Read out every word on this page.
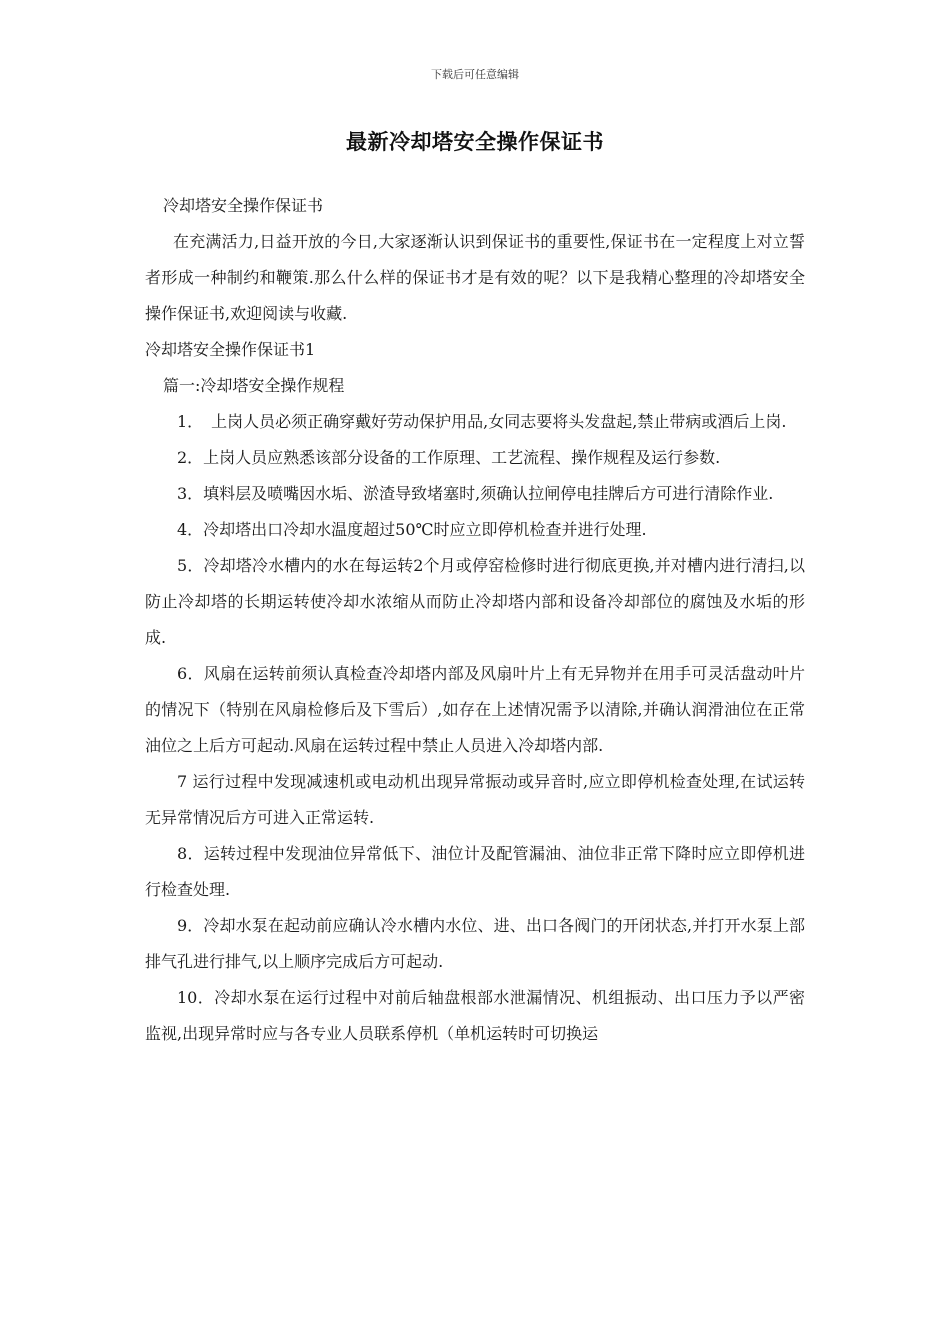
下载后可任意编辑
最新冷却塔安全操作保证书

冷却塔安全操作保证书

在充满活力,日益开放的今日,大家逐渐认识到保证书的重要性,保证书在一定程度上对立誓者形成一种制约和鞭策.那么什么样的保证书才是有效的呢？以下是我精心整理的冷却塔安全操作保证书,欢迎阅读与收藏.

冷却塔安全操作保证书1

篇一:冷却塔安全操作规程

1．　上岗人员必须正确穿戴好劳动保护用品,女同志要将头发盘起,禁止带病或酒后上岗.

2．上岗人员应熟悉该部分设备的工作原理、工艺流程、操作规程及运行参数.

3．填料层及喷嘴因水垢、淤渣导致堵塞时,须确认拉闸停电挂牌后方可进行清除作业.

4．冷却塔出口冷却水温度超过50℃时应立即停机检查并进行处理.

5．冷却塔冷水槽内的水在每运转2个月或停窑检修时进行彻底更换,并对槽内进行清扫,以防止冷却塔的长期运转使冷却水浓缩从而防止冷却塔内部和设备冷却部位的腐蚀及水垢的形成.

6．风扇在运转前须认真检查冷却塔内部及风扇叶片上有无异物并在用手可灵活盘动叶片的情况下（特别在风扇检修后及下雪后）,如存在上述情况需予以清除,并确认润滑油位在正常油位之上后方可起动.风扇在运转过程中禁止人员进入冷却塔内部.

7 运行过程中发现减速机或电动机出现异常振动或异音时,应立即停机检查处理,在试运转无异常情况后方可进入正常运转.

8．运转过程中发现油位异常低下、油位计及配管漏油、油位非正常下降时应立即停机进行检查处理.

9．冷却水泵在起动前应确认冷水槽内水位、进、出口各阀门的开闭状态,并打开水泵上部排气孔进行排气,以上顺序完成后方可起动.

10．冷却水泵在运行过程中对前后轴盘根部水泄漏情况、机组振动、出口压力予以严密监视,出现异常时应与各专业人员联系停机（单机运转时可切换运
